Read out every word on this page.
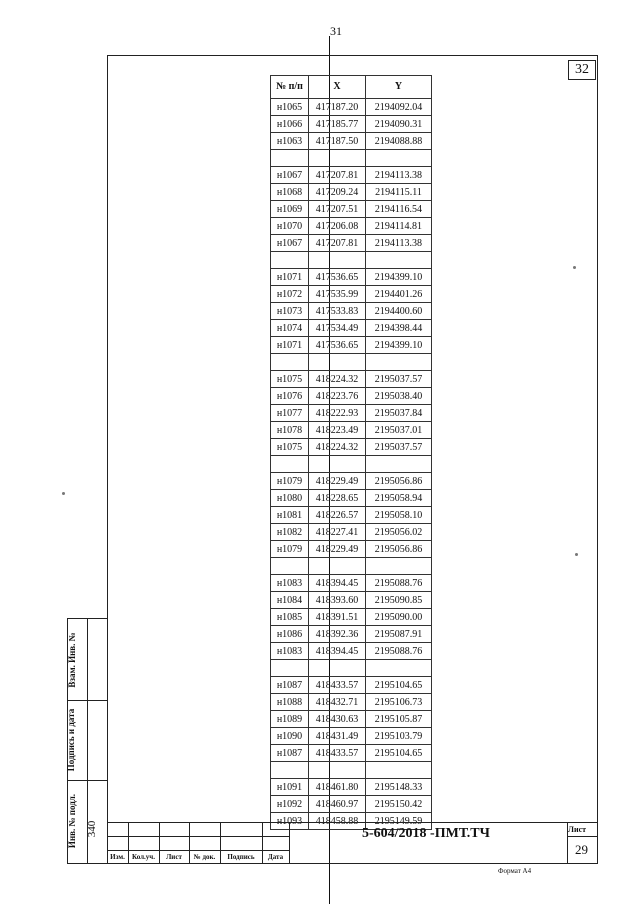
31
32
№ п/п	X	Y
н1065	417187.20	2194092.04
н1066	417185.77	2194090.31
н1063	417187.50	2194088.88

н1067	417207.81	2194113.38
н1068	417209.24	2194115.11
н1069	417207.51	2194116.54
н1070	417206.08	2194114.81
н1067	417207.81	2194113.38

н1071	417536.65	2194399.10
н1072	417535.99	2194401.26
н1073	417533.83	2194400.60
н1074	417534.49	2194398.44
н1071	417536.65	2194399.10

н1075	418224.32	2195037.57
н1076	418223.76	2195038.40
н1077	418222.93	2195037.84
н1078	418223.49	2195037.01
н1075	418224.32	2195037.57

н1079	418229.49	2195056.86
н1080	418228.65	2195058.94
н1081	418226.57	2195058.10
н1082	418227.41	2195056.02
н1079	418229.49	2195056.86

н1083	418394.45	2195088.76
н1084	418393.60	2195090.85
н1085	418391.51	2195090.00
н1086	418392.36	2195087.91
н1083	418394.45	2195088.76

н1087	418433.57	2195104.65
н1088	418432.71	2195106.73
н1089	418430.63	2195105.87
н1090	418431.49	2195103.79
н1087	418433.57	2195104.65

н1091	418461.80	2195148.33
н1092	418460.97	2195150.42
н1093	418458.88	2195149.59
Взам. Инв. №
Подпись и дата
Инв. № подл. 340
Изм.	Кол.уч.	Лист	№ док.	Подпись	Дата
5-604/2018 -ПМТ.ТЧ	Лист
29
Формат А4
